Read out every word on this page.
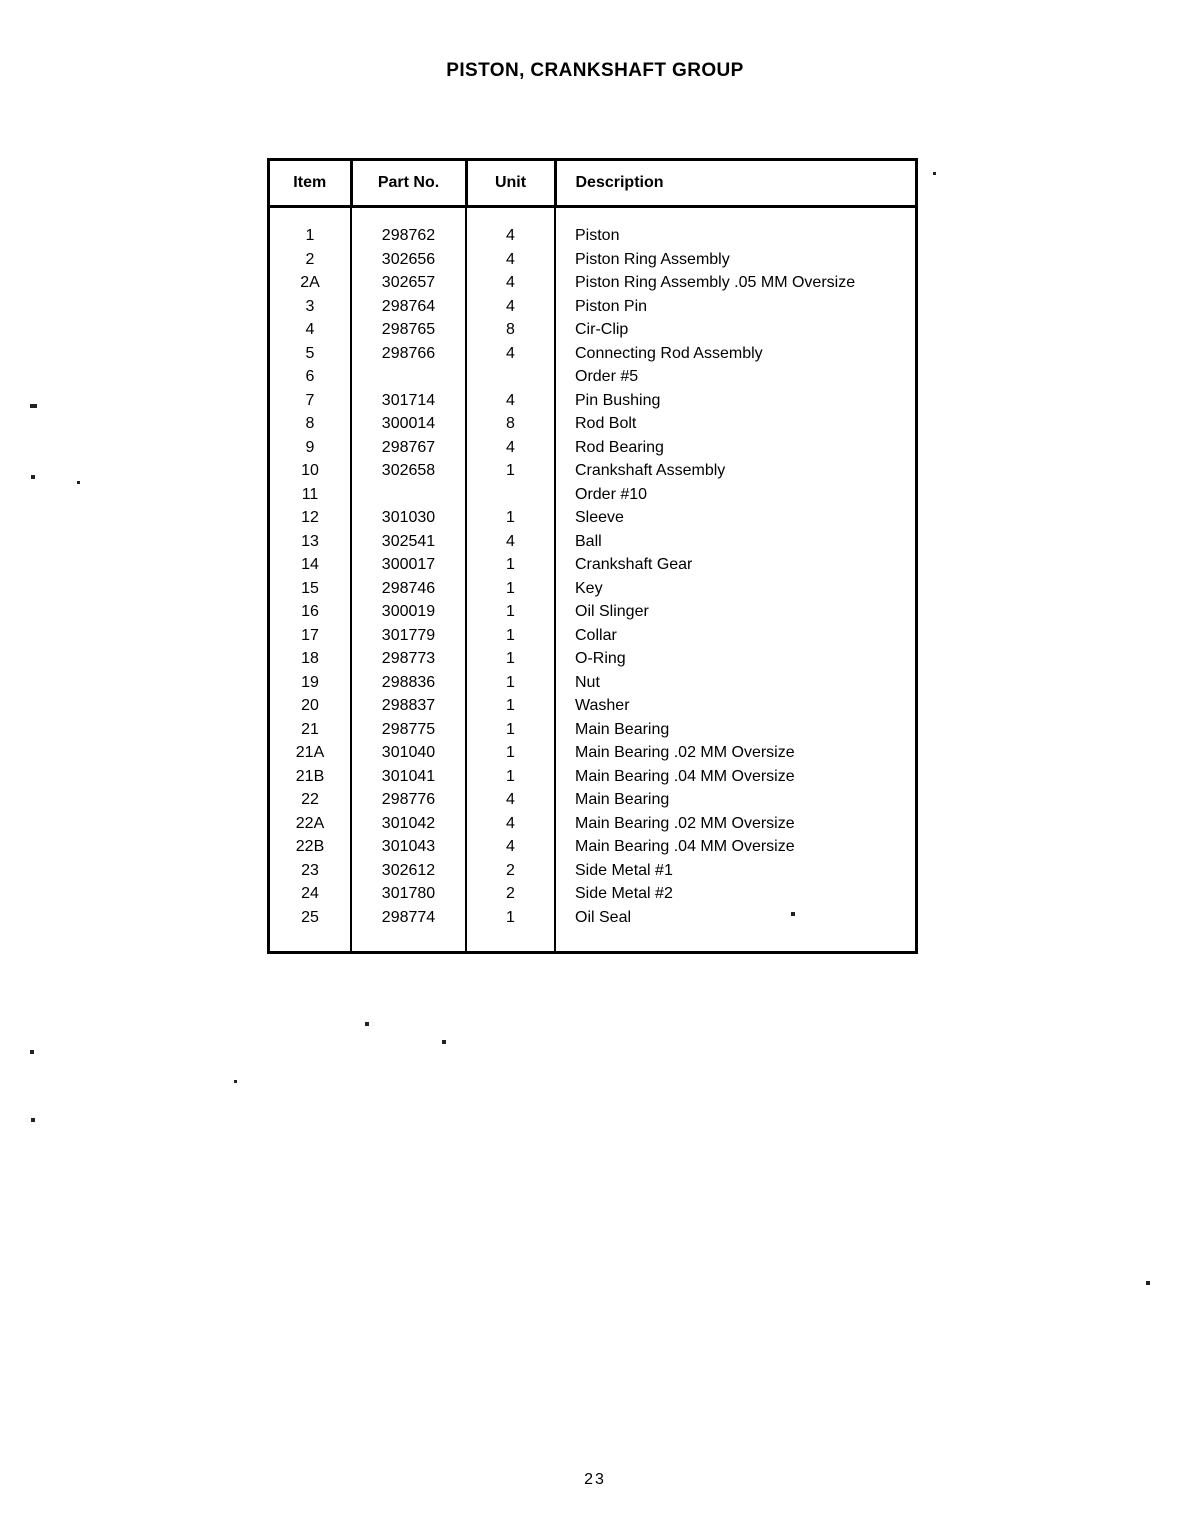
PISTON, CRANKSHAFT GROUP
Item	Part No.	Unit	Description

1	298762	4	Piston
2	302656	4	Piston Ring Assembly
2A	302657	4	Piston Ring Assembly .05 MM Oversize
3	298764	4	Piston Pin
4	298765	8	Cir-Clip
5	298766	4	Connecting Rod Assembly
6			Order #5
7	301714	4	Pin Bushing
8	300014	8	Rod Bolt
9	298767	4	Rod Bearing
10	302658	1	Crankshaft Assembly
11			Order #10
12	301030	1	Sleeve
13	302541	4	Ball
14	300017	1	Crankshaft Gear
15	298746	1	Key
16	300019	1	Oil Slinger
17	301779	1	Collar
18	298773	1	O-Ring
19	298836	1	Nut
20	298837	1	Washer
21	298775	1	Main Bearing
21A	301040	1	Main Bearing .02 MM Oversize
21B	301041	1	Main Bearing .04 MM Oversize
22	298776	4	Main Bearing
22A	301042	4	Main Bearing .02 MM Oversize
22B	301043	4	Main Bearing .04 MM Oversize
23	302612	2	Side Metal #1
24	301780	2	Side Metal #2
25	298774	1	Oil Seal

23
